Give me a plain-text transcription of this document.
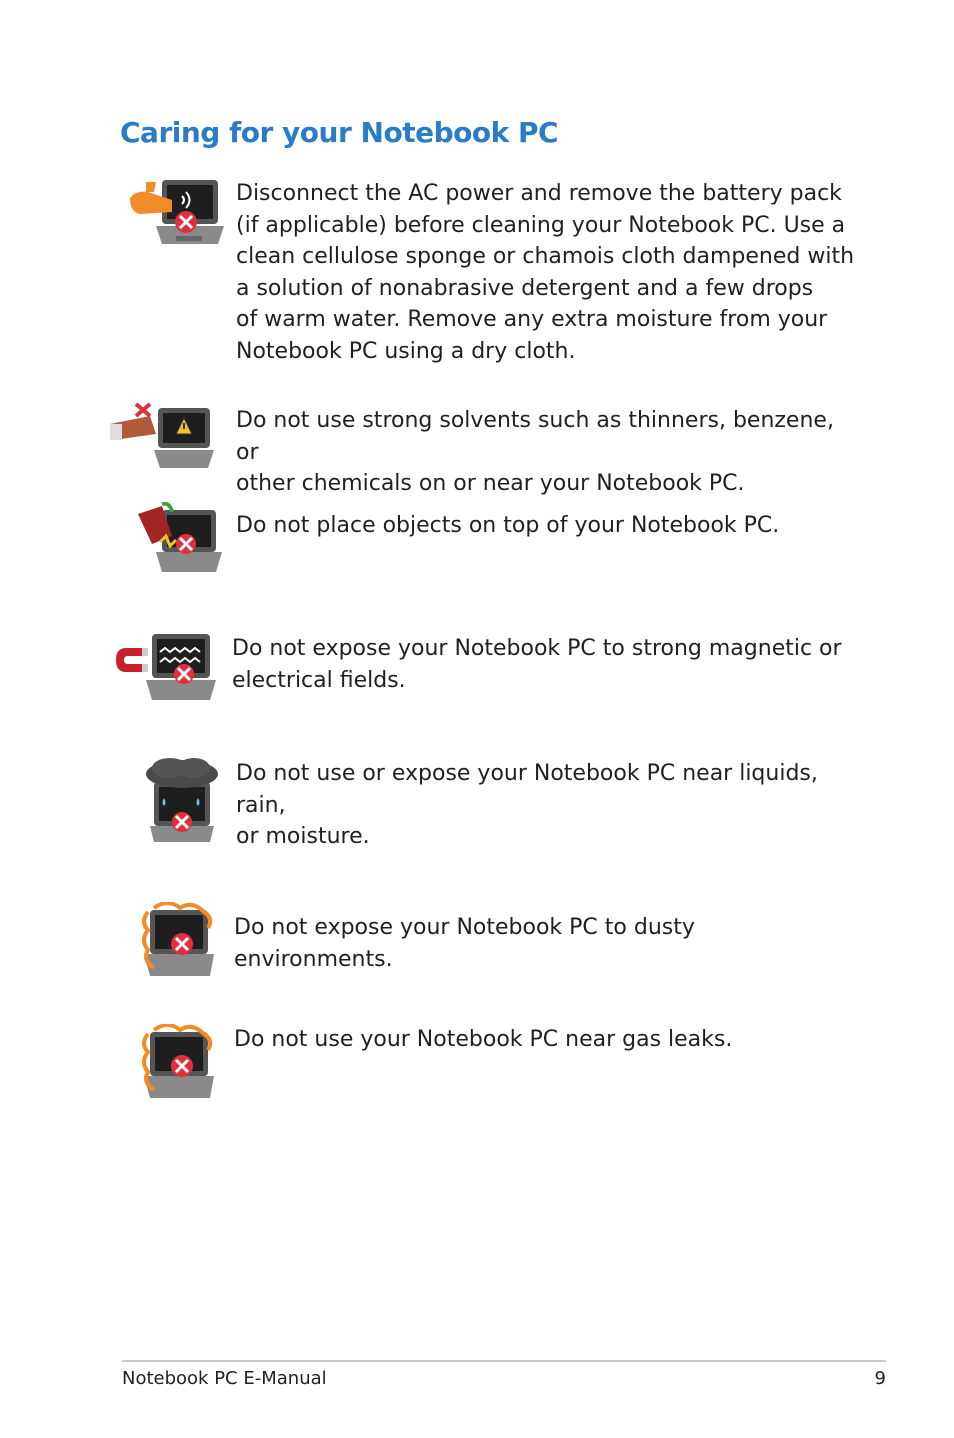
Caring for your Notebook PC

Disconnect the AC power and remove the battery pack

(if applicable) before cleaning your Notebook PC. Use a

clean cellulose sponge or chamois cloth dampened with

a solution of nonabrasive detergent and a few drops

of warm water. Remove any extra moisture from your

Notebook PC using a dry cloth.

Do not use strong solvents such as thinners, benzene, or

other chemicals on or near your Notebook PC.

Do not place objects on top of your Notebook PC.

Do not expose your Notebook PC to strong magnetic or

electrical fields.

Do not use or expose your Notebook PC near liquids, rain,

or moisture.

Do not expose your Notebook PC to dusty environments.

Do not use your Notebook PC near gas leaks.

Notebook PC E-Manual	9
